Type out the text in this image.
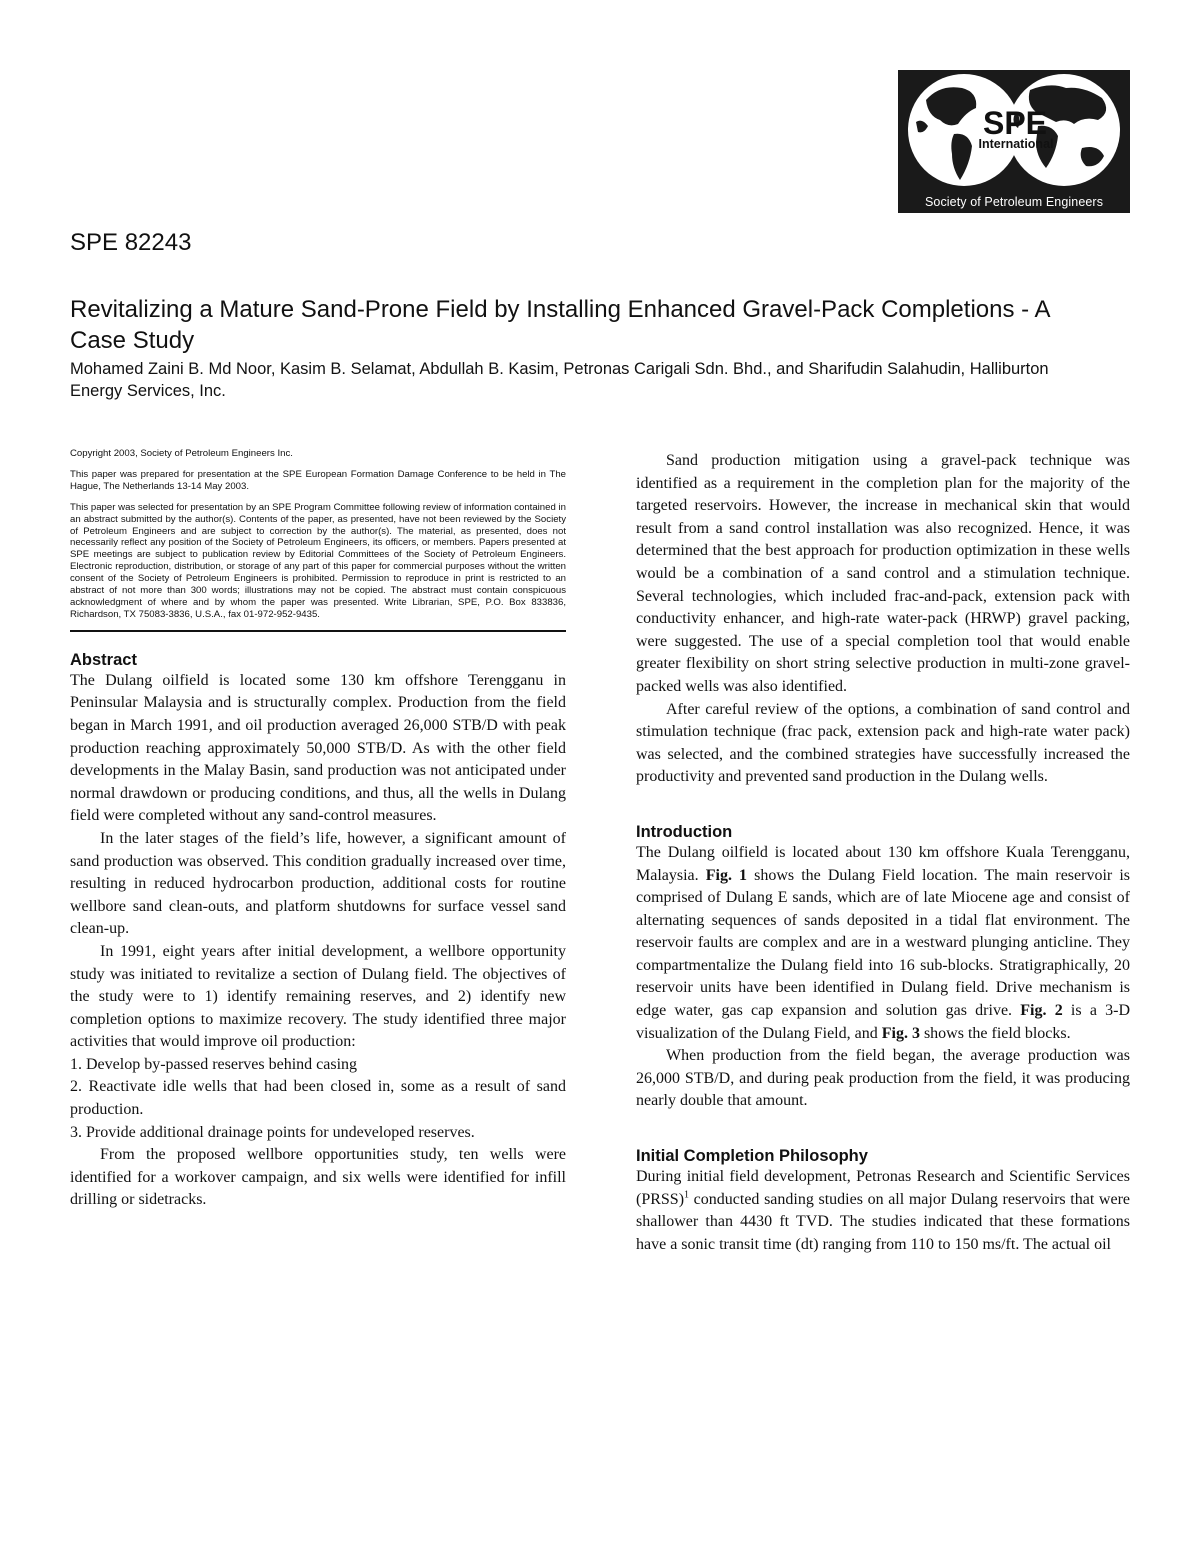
SPE
International
Society of Petroleum Engineers
SPE 82243
Revitalizing a Mature Sand-Prone Field by Installing Enhanced Gravel-Pack Completions - A Case Study
Mohamed Zaini B. Md Noor, Kasim B. Selamat, Abdullah B. Kasim, Petronas Carigali Sdn. Bhd., and Sharifudin Salahudin, Halliburton Energy Services, Inc.

Copyright 2003, Society of Petroleum Engineers Inc.

This paper was prepared for presentation at the SPE European Formation Damage Conference to be held in The Hague, The Netherlands 13-14 May 2003.

This paper was selected for presentation by an SPE Program Committee following review of information contained in an abstract submitted by the author(s). Contents of the paper, as presented, have not been reviewed by the Society of Petroleum Engineers and are subject to correction by the author(s). The material, as presented, does not necessarily reflect any position of the Society of Petroleum Engineers, its officers, or members. Papers presented at SPE meetings are subject to publication review by Editorial Committees of the Society of Petroleum Engineers. Electronic reproduction, distribution, or storage of any part of this paper for commercial purposes without the written consent of the Society of Petroleum Engineers is prohibited. Permission to reproduce in print is restricted to an abstract of not more than 300 words; illustrations may not be copied. The abstract must contain conspicuous acknowledgment of where and by whom the paper was presented. Write Librarian, SPE, P.O. Box 833836, Richardson, TX 75083-3836, U.S.A., fax 01-972-952-9435.

Abstract

The Dulang oilfield is located some 130 km offshore Terengganu in Peninsular Malaysia and is structurally complex. Production from the field began in March 1991, and oil production averaged 26,000 STB/D with peak production reaching approximately 50,000 STB/D. As with the other field developments in the Malay Basin, sand production was not anticipated under normal drawdown or producing conditions, and thus, all the wells in Dulang field were completed without any sand-control measures.

In the later stages of the field’s life, however, a significant amount of sand production was observed. This condition gradually increased over time, resulting in reduced hydrocarbon production, additional costs for routine wellbore sand clean-outs, and platform shutdowns for surface vessel sand clean-up.

In 1991, eight years after initial development, a wellbore opportunity study was initiated to revitalize a section of Dulang field. The objectives of the study were to 1) identify remaining reserves, and 2) identify new completion options to maximize recovery. The study identified three major activities that would improve oil production:

1. Develop by-passed reserves behind casing

2. Reactivate idle wells that had been closed in, some as a result of sand production.

3. Provide additional drainage points for undeveloped reserves.

From the proposed wellbore opportunities study, ten wells were identified for a workover campaign, and six wells were identified for infill drilling or sidetracks.

Sand production mitigation using a gravel-pack technique was identified as a requirement in the completion plan for the majority of the targeted reservoirs. However, the increase in mechanical skin that would result from a sand control installation was also recognized. Hence, it was determined that the best approach for production optimization in these wells would be a combination of a sand control and a stimulation technique. Several technologies, which included frac-and-pack, extension pack with conductivity enhancer, and high-rate water-pack (HRWP) gravel packing, were suggested. The use of a special completion tool that would enable greater flexibility on short string selective production in multi-zone gravel-packed wells was also identified.

After careful review of the options, a combination of sand control and stimulation technique (frac pack, extension pack and high-rate water pack) was selected, and the combined strategies have successfully increased the productivity and prevented sand production in the Dulang wells.

Introduction

The Dulang oilfield is located about 130 km offshore Kuala Terengganu, Malaysia. Fig. 1 shows the Dulang Field location. The main reservoir is comprised of Dulang E sands, which are of late Miocene age and consist of alternating sequences of sands deposited in a tidal flat environment. The reservoir faults are complex and are in a westward plunging anticline. They compartmentalize the Dulang field into 16 sub-blocks. Stratigraphically, 20 reservoir units have been identified in Dulang field. Drive mechanism is edge water, gas cap expansion and solution gas drive. Fig. 2 is a 3-D visualization of the Dulang Field, and Fig. 3 shows the field blocks.

When production from the field began, the average production was 26,000 STB/D, and during peak production from the field, it was producing nearly double that amount.

Initial Completion Philosophy

During initial field development, Petronas Research and Scientific Services (PRSS)$^1$ conducted sanding studies on all major Dulang reservoirs that were shallower than 4430 ft TVD. The studies indicated that these formations have a sonic transit time (dt) ranging from 110 to 150 ms/ft. The actual oil
